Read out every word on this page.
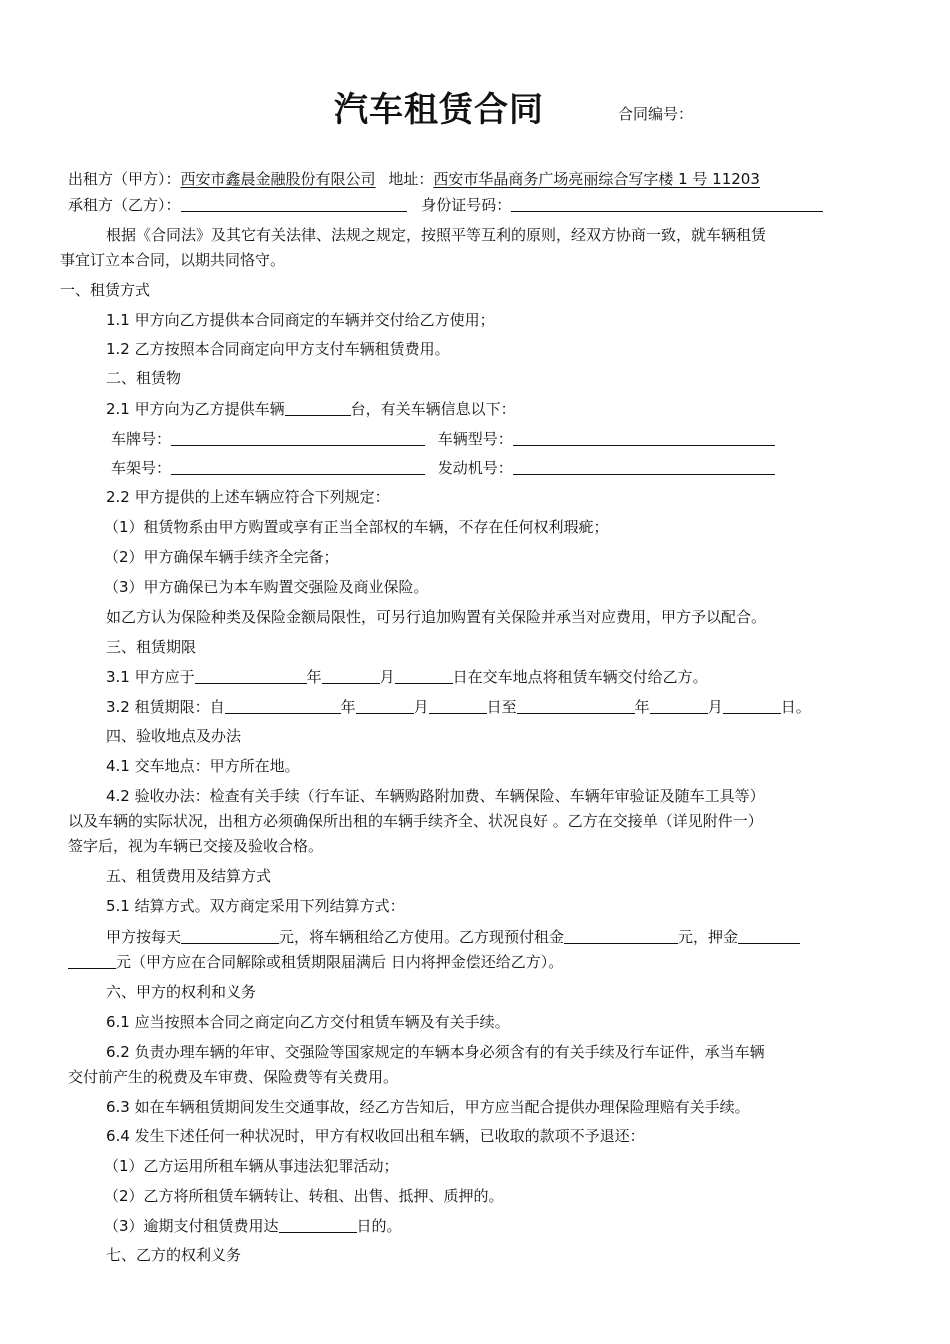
汽车租赁合同	合同编号：
出租方（甲方）：西安市鑫晨金融股份有限公司 地址：西安市华晶商务广场亮丽综合写字楼 1 号 11203
承租方（乙方）：	身份证号码：
根据《合同法》及其它有关法律、法规之规定，按照平等互利的原则，经双方协商一致，就车辆租赁
事宜订立本合同，以期共同恪守。
一、租赁方式
1.1 甲方向乙方提供本合同商定的车辆并交付给乙方使用；
1.2 乙方按照本合同商定向甲方支付车辆租赁费用。
二、租赁物
2.1 甲方向为乙方提供车辆	台，有关车辆信息以下：
车牌号：	车辆型号：
车架号：	发动机号：
2.2 甲方提供的上述车辆应符合下列规定：
（1）租赁物系由甲方购置或享有正当全部权的车辆，不存在任何权利瑕疵；
（2）甲方确保车辆手续齐全完备；
（3）甲方确保已为本车购置交强险及商业保险。
如乙方认为保险种类及保险金额局限性，可另行追加购置有关保险并承当对应费用，甲方予以配合。
三、租赁期限
3.1 甲方应于	年	月	日在交车地点将租赁车辆交付给乙方。
3.2 租赁期限：自	年	月	日至	年	月	日。
四、验收地点及办法
4.1 交车地点：甲方所在地。
4.2 验收办法：检查有关手续（行车证、车辆购路附加费、车辆保险、车辆年审验证及随车工具等）
以及车辆的实际状况，出租方必须确保所出租的车辆手续齐全、状况良好 。乙方在交接单（详见附件一）
签字后，视为车辆已交接及验收合格。
五、租赁费用及结算方式
5.1 结算方式。双方商定采用下列结算方式：
甲方按每天	元，将车辆租给乙方使用。乙方现预付租金	元，押金
元（甲方应在合同解除或租赁期限届满后 日内将押金偿还给乙方）。
六、甲方的权利和义务
6.1 应当按照本合同之商定向乙方交付租赁车辆及有关手续。
6.2 负责办理车辆的年审、交强险等国家规定的车辆本身必须含有的有关手续及行车证件，承当车辆
交付前产生的税费及车审费、保险费等有关费用。
6.3 如在车辆租赁期间发生交通事故，经乙方告知后，甲方应当配合提供办理保险理赔有关手续。
6.4 发生下述任何一种状况时，甲方有权收回出租车辆，已收取的款项不予退还：
（1）乙方运用所租车辆从事违法犯罪活动；
（2）乙方将所租赁车辆转让、转租、出售、抵押、质押的。
（3）逾期支付租赁费用达	日的。
七、乙方的权利义务
